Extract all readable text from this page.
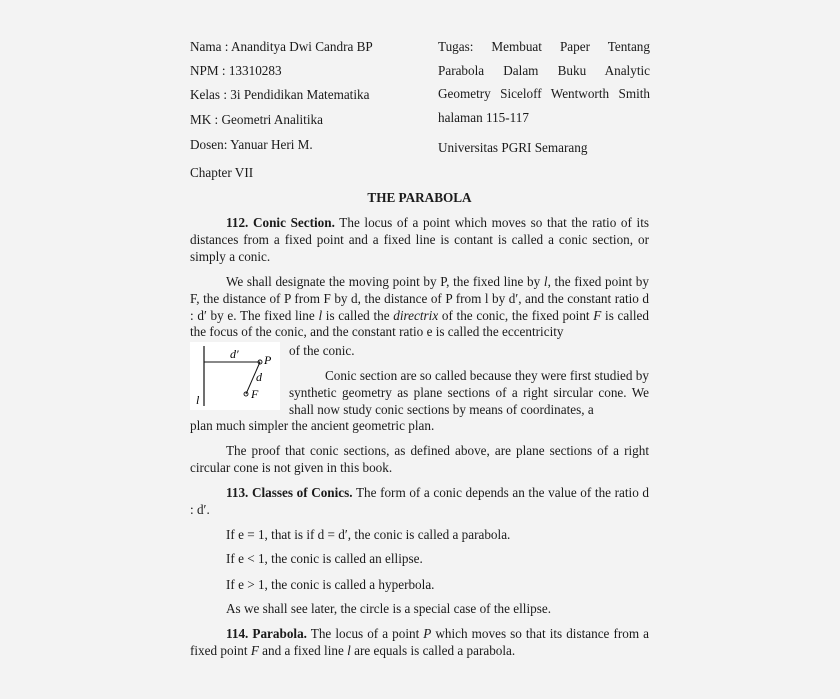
Nama : Ananditya Dwi Candra BP
NPM : 13310283
Kelas : 3i Pendidikan Matematika
MK : Geometri Analitika
Dosen: Yanuar Heri M.
Tugas: Membuat Paper Tentang Parabola Dalam Buku Analytic Geometry Siceloff Wentworth Smith halaman 115-117
Universitas PGRI Semarang
Chapter VII
THE PARABOLA
112. Conic Section. The locus of a point which moves so that the ratio of its distances from a fixed point and a fixed line is contant is called a conic section, or simply a conic.
We shall designate the moving point by P, the fixed line by l, the fixed point by F, the distance of P from F by d, the distance of P from l by d′, and the constant ratio d : d′ by e. The fixed line l is called the directrix of the conic, the fixed point F is called the focus of the conic, and the constant ratio e is called the eccentricity
of the conic.
d′ P
d
F
l
Conic section are so called because they were first studied by synthetic geometry as plane sections of a right sircular cone. We shall now study conic sections by means of coordinates, a
plan much simpler the ancient geometric plan.
The proof that conic sections, as defined above, are plane sections of a right circular cone is not given in this book.
113. Classes of Conics. The form of a conic depends an the value of the ratio d : d′.
If e = 1, that is if d = d′, the conic is called a parabola.
If e < 1, the conic is called an ellipse.
If e > 1, the conic is called a hyperbola.
As we shall see later, the circle is a special case of the ellipse.
114. Parabola. The locus of a point P which moves so that its distance from a fixed point F and a fixed line l are equals is called a parabola.
